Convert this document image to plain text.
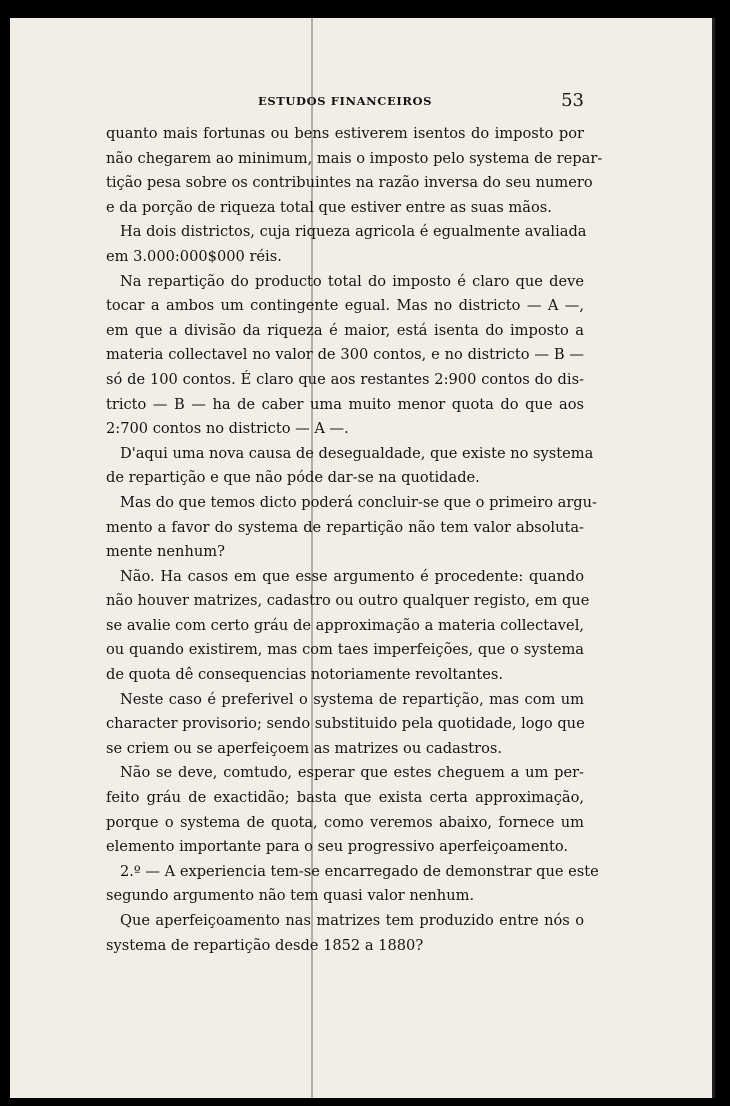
ESTUDOS FINANCEIROS	53
quanto mais fortunas ou bens estiverem isentos do imposto por
não chegarem ao minimum, mais o imposto pelo systema de repar-
tição pesa sobre os contribuintes na razão inversa do seu numero
e da porção de riqueza total que estiver entre as suas mãos.
Ha dois districtos, cuja riqueza agricola é egualmente avaliada
em 3.000:000$000 réis.
Na repartição do producto total do imposto é claro que deve
tocar a ambos um contingente egual. Mas no districto — A —,
em que a divisão da riqueza é maior, está isenta do imposto a
materia collectavel no valor de 300 contos, e no districto — B —
só de 100 contos. É claro que aos restantes 2:900 contos do dis-
tricto — B — ha de caber uma muito menor quota do que aos
2:700 contos no districto — A —.
D'aqui uma nova causa de desegualdade, que existe no systema
de repartição e que não póde dar-se na quotidade.
Mas do que temos dicto poderá concluir-se que o primeiro argu-
mento a favor do systema de repartição não tem valor absoluta-
mente nenhum?
Não. Ha casos em que esse argumento é procedente: quando
não houver matrizes, cadastro ou outro qualquer registo, em que
se avalie com certo gráu de approximação a materia collectavel,
ou quando existirem, mas com taes imperfeições, que o systema
de quota dê consequencias notoriamente revoltantes.
Neste caso é preferivel o systema de repartição, mas com um
character provisorio; sendo substituido pela quotidade, logo que
se criem ou se aperfeiçoem as matrizes ou cadastros.
Não se deve, comtudo, esperar que estes cheguem a um per-
feito gráu de exactidão; basta que exista certa approximação,
porque o systema de quota, como veremos abaixo, fornece um
elemento importante para o seu progressivo aperfeiçoamento.
2.º — A experiencia tem-se encarregado de demonstrar que este
segundo argumento não tem quasi valor nenhum.
Que aperfeiçoamento nas matrizes tem produzido entre nós o
systema de repartição desde 1852 a 1880?
